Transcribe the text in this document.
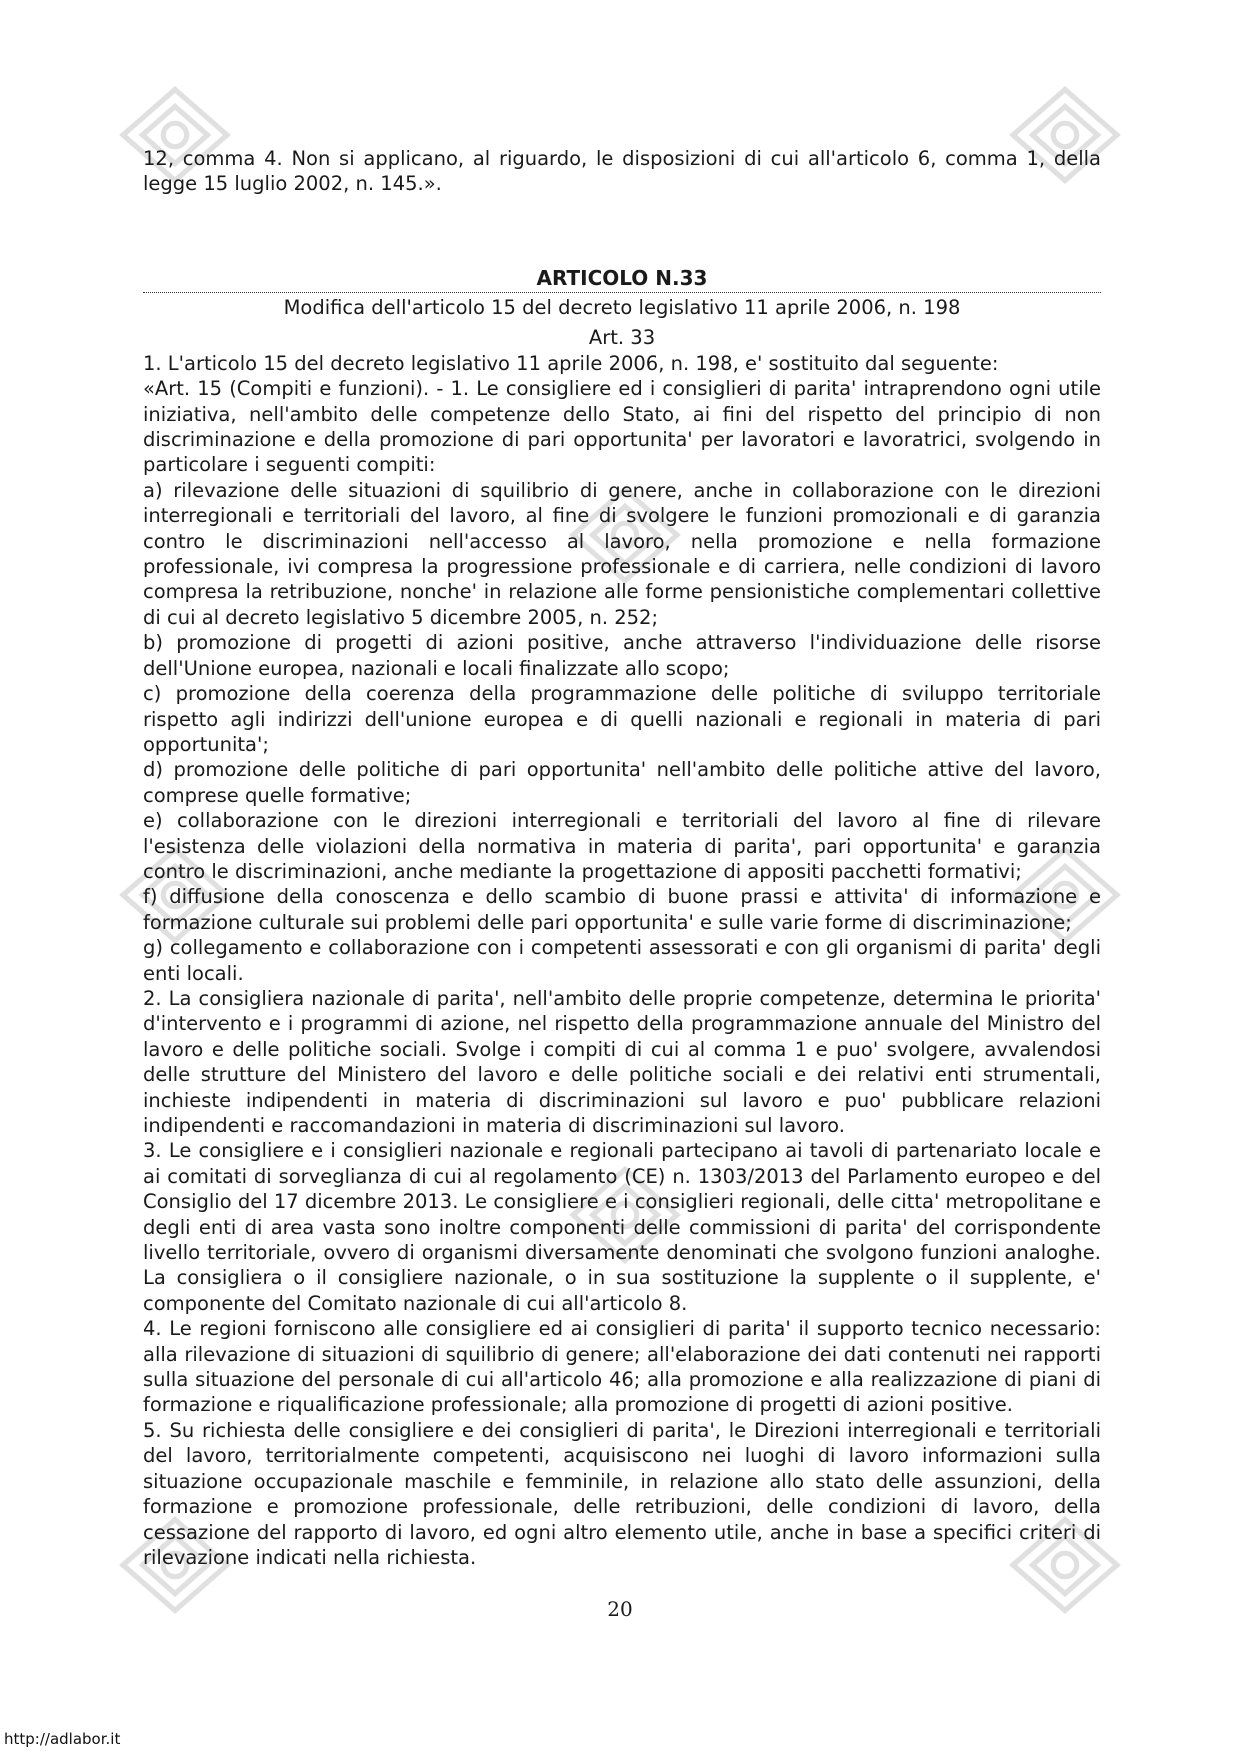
12, comma 4. Non si applicano, al riguardo, le disposizioni di cui all'articolo 6, comma 1, della legge 15 luglio 2002, n. 145.».

ARTICOLO N.33
Modifica dell'articolo 15 del decreto legislativo 11 aprile 2006, n. 198
Art. 33

1. L'articolo 15 del decreto legislativo 11 aprile 2006, n. 198, e' sostituito dal seguente:

«Art. 15 (Compiti e funzioni). - 1. Le consigliere ed i consiglieri di parita' intraprendono ogni utile iniziativa, nell'ambito delle competenze dello Stato, ai fini del rispetto del principio di non discriminazione e della promozione di pari opportunita' per lavoratori e lavoratrici, svolgendo in particolare i seguenti compiti:

a) rilevazione delle situazioni di squilibrio di genere, anche in collaborazione con le direzioni interregionali e territoriali del lavoro, al fine di svolgere le funzioni promozionali e di garanzia contro le discriminazioni nell'accesso al lavoro, nella promozione e nella formazione professionale, ivi compresa la progressione professionale e di carriera, nelle condizioni di lavoro compresa la retribuzione, nonche' in relazione alle forme pensionistiche complementari collettive di cui al decreto legislativo 5 dicembre 2005, n. 252;

b) promozione di progetti di azioni positive, anche attraverso l'individuazione delle risorse dell'Unione europea, nazionali e locali finalizzate allo scopo;

c) promozione della coerenza della programmazione delle politiche di sviluppo territoriale rispetto agli indirizzi dell'unione europea e di quelli nazionali e regionali in materia di pari opportunita';

d) promozione delle politiche di pari opportunita' nell'ambito delle politiche attive del lavoro, comprese quelle formative;

e) collaborazione con le direzioni interregionali e territoriali del lavoro al fine di rilevare l'esistenza delle violazioni della normativa in materia di parita', pari opportunita' e garanzia contro le discriminazioni, anche mediante la progettazione di appositi pacchetti formativi;

f) diffusione della conoscenza e dello scambio di buone prassi e attivita' di informazione e formazione culturale sui problemi delle pari opportunita' e sulle varie forme di discriminazione;

g) collegamento e collaborazione con i competenti assessorati e con gli organismi di parita' degli enti locali.

2. La consigliera nazionale di parita', nell'ambito delle proprie competenze, determina le priorita' d'intervento e i programmi di azione, nel rispetto della programmazione annuale del Ministro del lavoro e delle politiche sociali. Svolge i compiti di cui al comma 1 e puo' svolgere, avvalendosi delle strutture del Ministero del lavoro e delle politiche sociali e dei relativi enti strumentali, inchieste indipendenti in materia di discriminazioni sul lavoro e puo' pubblicare relazioni indipendenti e raccomandazioni in materia di discriminazioni sul lavoro.

3. Le consigliere e i consiglieri nazionale e regionali partecipano ai tavoli di partenariato locale e ai comitati di sorveglianza di cui al regolamento (CE) n. 1303/2013 del Parlamento europeo e del Consiglio del 17 dicembre 2013. Le consigliere e i consiglieri regionali, delle citta' metropolitane e degli enti di area vasta sono inoltre componenti delle commissioni di parita' del corrispondente livello territoriale, ovvero di organismi diversamente denominati che svolgono funzioni analoghe. La consigliera o il consigliere nazionale, o in sua sostituzione la supplente o il supplente, e' componente del Comitato nazionale di cui all'articolo 8.

4. Le regioni forniscono alle consigliere ed ai consiglieri di parita' il supporto tecnico necessario: alla rilevazione di situazioni di squilibrio di genere; all'elaborazione dei dati contenuti nei rapporti sulla situazione del personale di cui all'articolo 46; alla promozione e alla realizzazione di piani di formazione e riqualificazione professionale; alla promozione di progetti di azioni positive.

5. Su richiesta delle consigliere e dei consiglieri di parita', le Direzioni interregionali e territoriali del lavoro, territorialmente competenti, acquisiscono nei luoghi di lavoro informazioni sulla situazione occupazionale maschile e femminile, in relazione allo stato delle assunzioni, della formazione e promozione professionale, delle retribuzioni, delle condizioni di lavoro, della cessazione del rapporto di lavoro, ed ogni altro elemento utile, anche in base a specifici criteri di rilevazione indicati nella richiesta.

20
http://adlabor.it
